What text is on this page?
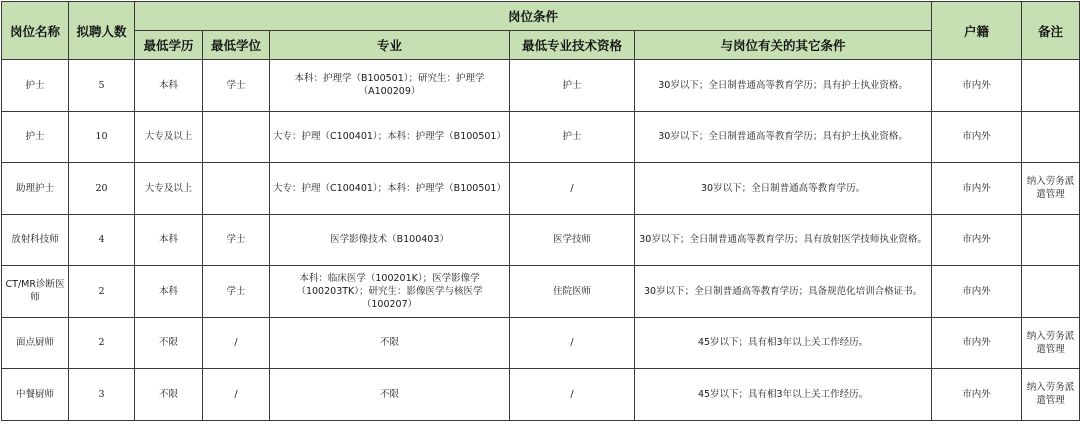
岗位名称	拟聘人数	岗位条件					户籍	备注
		最低学历	最低学位	专业	最低专业技术资格	与岗位有关的其它条件		
护士	5	本科	学士	本科：护理学（B100501）；研究生：护理学（A100209）	护士	30岁以下；全日制普通高等教育学历；具有护士执业资格。	市内外	
护士	10	大专及以上		大专：护理（C100401）；本科：护理学（B100501）	护士	30岁以下；全日制普通高等教育学历；具有护士执业资格。	市内外	
助理护士	20	大专及以上		大专：护理（C100401）；本科：护理学（B100501）	/	30岁以下；全日制普通高等教育学历。	市内外	纳入劳务派遣管理
放射科技师	4	本科	学士	医学影像技术（B100403）	医学技师	30岁以下；全日制普通高等教育学历；具有放射医学技师执业资格。	市内外	
CT/MR诊断医师	2	本科	学士	本科：临床医学（100201K）；医学影像学（100203TK）；研究生：影像医学与核医学（100207）	住院医师	30岁以下；全日制普通高等教育学历；具备规范化培训合格证书。	市内外	
面点厨师	2	不限	/	不限	/	45岁以下；具有相3年以上关工作经历。	市内外	纳入劳务派遣管理
中餐厨师	3	不限	/	不限	/	45岁以下；具有相3年以上关工作经历。	市内外	纳入劳务派遣管理
